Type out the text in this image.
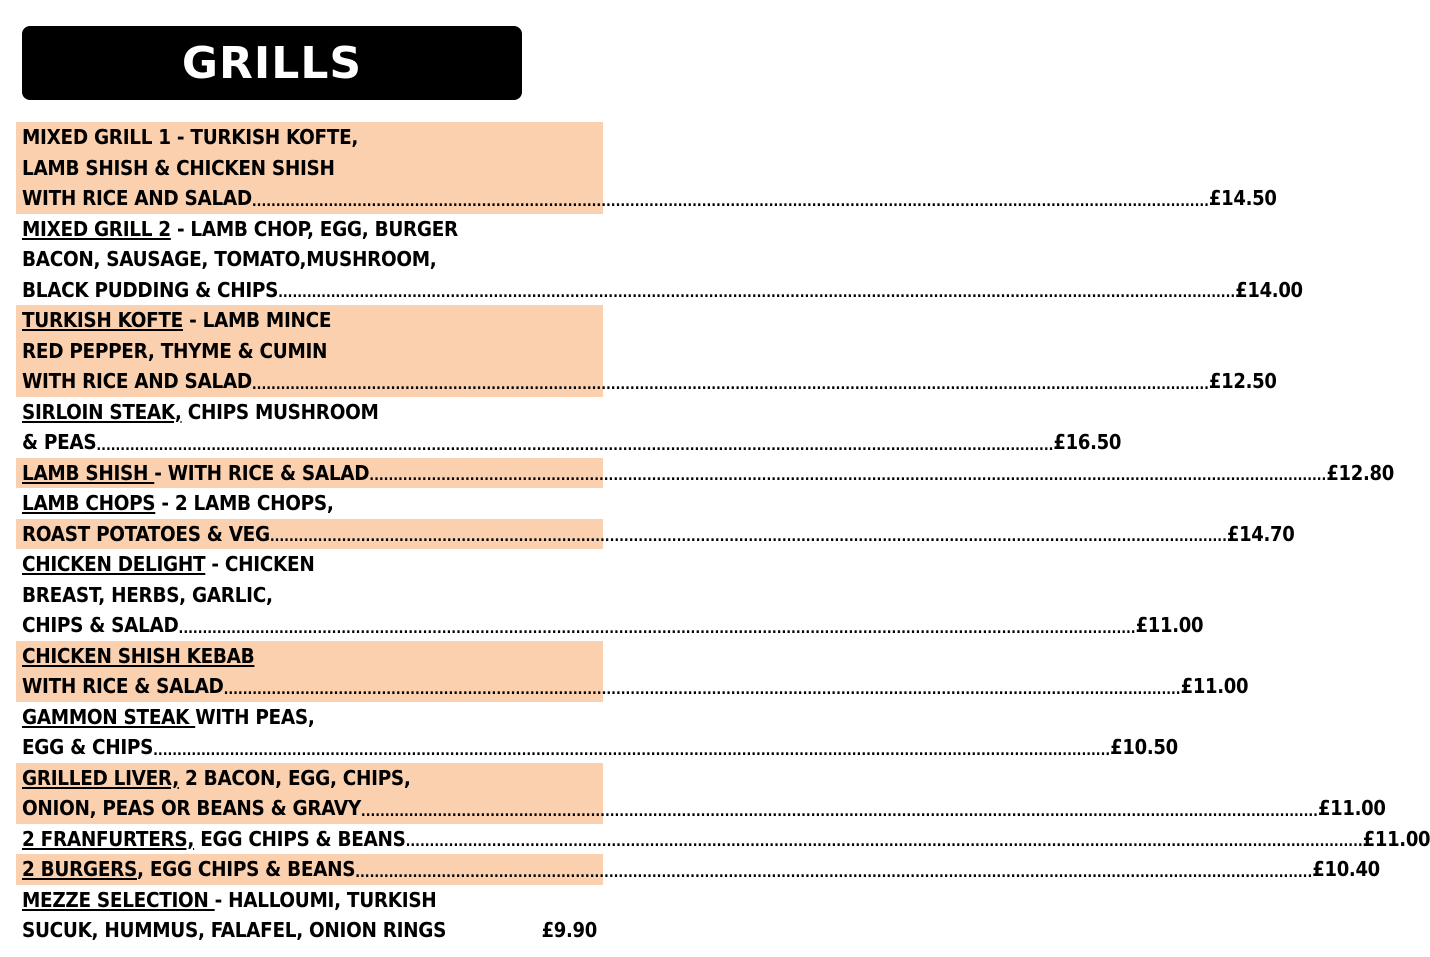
GRILLS
MIXED GRILL 1 - TURKISH KOFTE,
LAMB SHISH & CHICKEN SHISH
WITH RICE AND SALAD ........................................................................................................................................................................................................ £14.50
MIXED GRILL 2 - LAMB CHOP, EGG, BURGER
BACON, SAUSAGE, TOMATO,MUSHROOM,
BLACK PUDDING & CHIPS ........................................................................................................................................................................................................ £14.00
TURKISH KOFTE - LAMB MINCE
RED PEPPER, THYME & CUMIN
WITH RICE AND SALAD ........................................................................................................................................................................................................ £12.50
SIRLOIN STEAK, CHIPS MUSHROOM
& PEAS ........................................................................................................................................................................................................ £16.50
LAMB SHISH - WITH RICE & SALAD ........................................................................................................................................................................................................ £12.80
LAMB CHOPS - 2 LAMB CHOPS,
ROAST POTATOES & VEG ........................................................................................................................................................................................................ £14.70
CHICKEN DELIGHT - CHICKEN
BREAST, HERBS, GARLIC,
CHIPS & SALAD ........................................................................................................................................................................................................ £11.00
CHICKEN SHISH KEBAB
WITH RICE & SALAD ........................................................................................................................................................................................................ £11.00
GAMMON STEAK WITH PEAS,
EGG & CHIPS ........................................................................................................................................................................................................ £10.50
GRILLED LIVER, 2 BACON, EGG, CHIPS,
ONION, PEAS OR BEANS & GRAVY ........................................................................................................................................................................................................ £11.00
2 FRANFURTERS, EGG CHIPS & BEANS ........................................................................................................................................................................................................ £11.00
2 BURGERS, EGG CHIPS & BEANS ........................................................................................................................................................................................................ £10.40
MEZZE SELECTION - HALLOUMI, TURKISH
SUCUK, HUMMUS, FALAFEL, ONION RINGS	£9.90
